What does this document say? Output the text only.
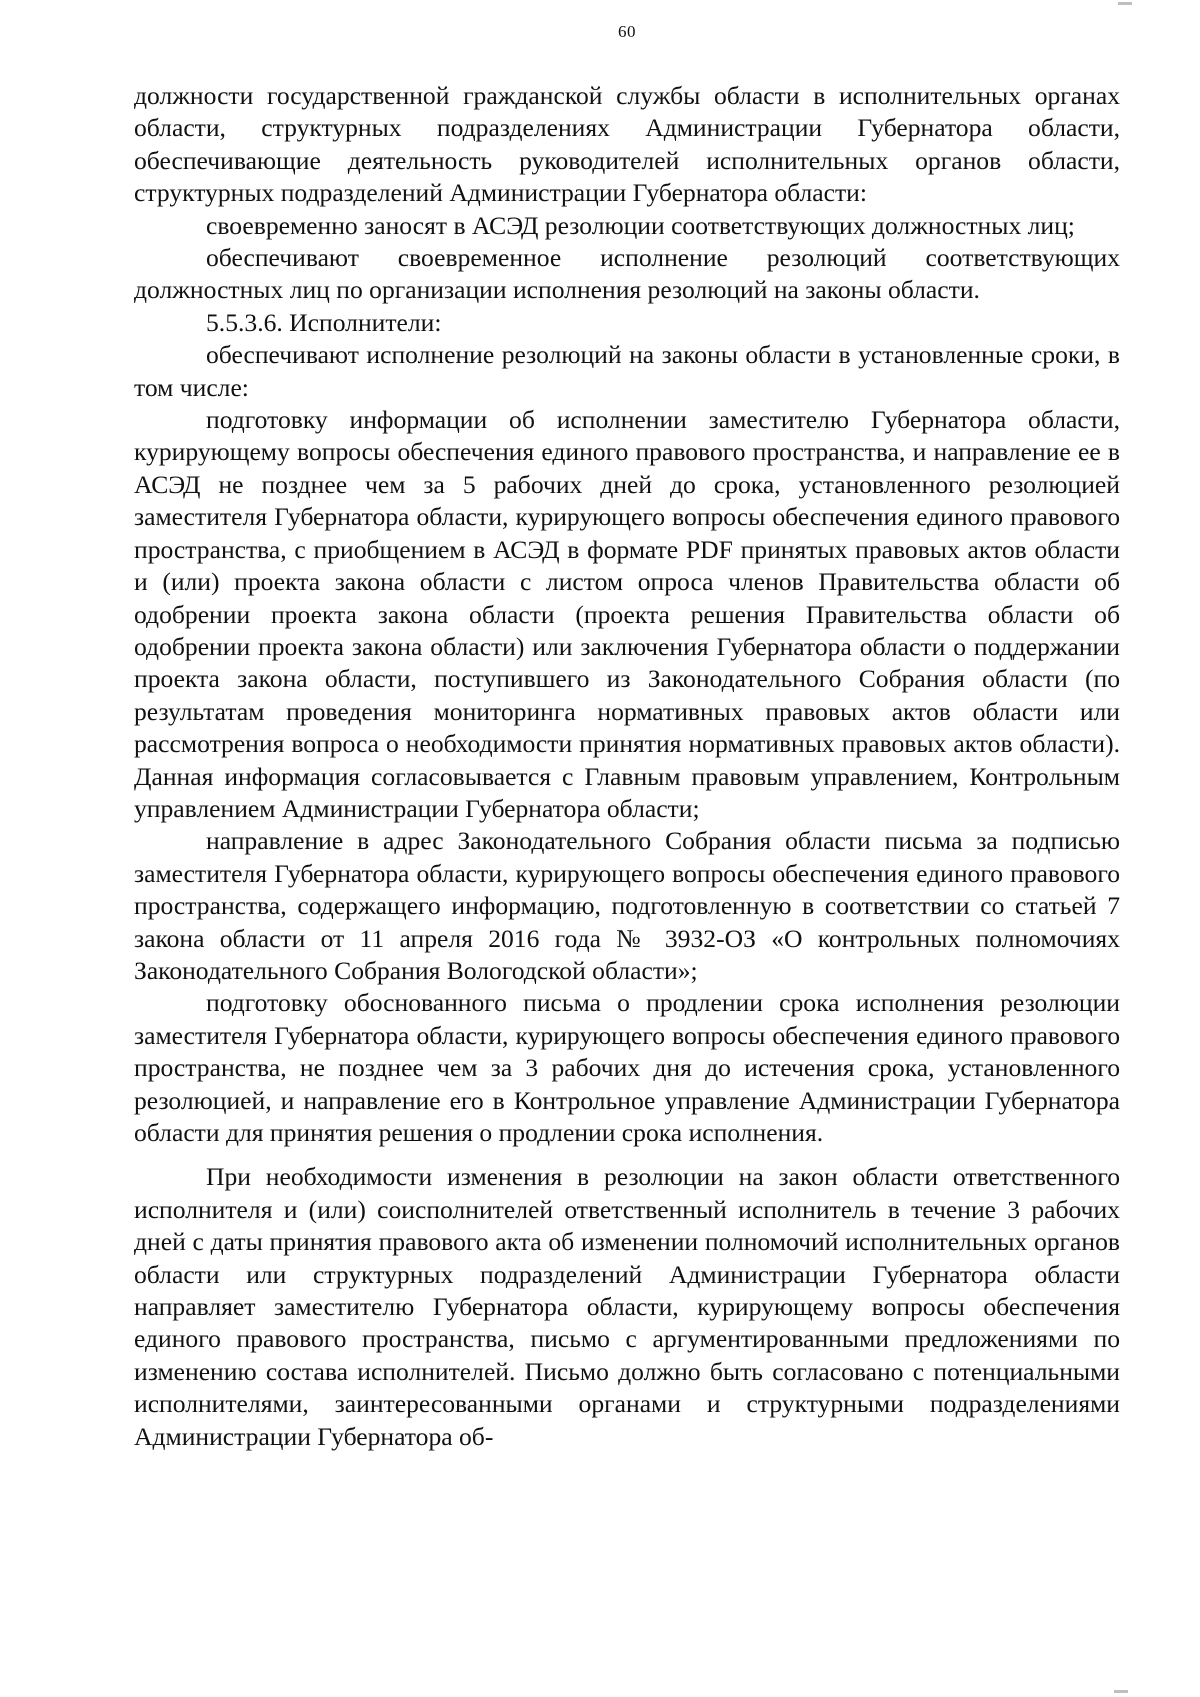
60

должности государственной гражданской службы области в исполнительных органах области, структурных подразделениях Администрации Губернатора области, обеспечивающие деятельность руководителей исполнительных органов области, структурных подразделений Администрации Губернатора области:

своевременно заносят в АСЭД резолюции соответствующих должностных лиц;

обеспечивают своевременное исполнение резолюций соответствующих должностных лиц по организации исполнения резолюций на законы области.

5.5.3.6. Исполнители:

обеспечивают исполнение резолюций на законы области в установленные сроки, в том числе:

подготовку информации об исполнении заместителю Губернатора области, курирующему вопросы обеспечения единого правового пространства, и направление ее в АСЭД не позднее чем за 5 рабочих дней до срока, установленного резолюцией заместителя Губернатора области, курирующего вопросы обеспечения единого правового пространства, с приобщением в АСЭД в формате PDF принятых правовых актов области и (или) проекта закона области с листом опроса членов Правительства области об одобрении проекта закона области (проекта решения Правительства области об одобрении проекта закона области) или заключения Губернатора области о поддержании проекта закона области, поступившего из Законодательного Собрания области (по результатам проведения мониторинга нормативных правовых актов области или рассмотрения вопроса о необходимости принятия нормативных правовых актов области). Данная информация согласовывается с Главным правовым управлением, Контрольным управлением Администрации Губернатора области;

направление в адрес Законодательного Собрания области письма за подписью заместителя Губернатора области, курирующего вопросы обеспечения единого правового пространства, содержащего информацию, подготовленную в соответствии со статьей 7 закона области от 11 апреля 2016 года № 3932-ОЗ «О контрольных полномочиях Законодательного Собрания Вологодской области»;

подготовку обоснованного письма о продлении срока исполнения резолюции заместителя Губернатора области, курирующего вопросы обеспечения единого правового пространства, не позднее чем за 3 рабочих дня до истечения срока, установленного резолюцией, и направление его в Контрольное управление Администрации Губернатора области для принятия решения о продлении срока исполнения.

При необходимости изменения в резолюции на закон области ответственного исполнителя и (или) соисполнителей ответственный исполнитель в течение 3 рабочих дней с даты принятия правового акта об изменении полномочий исполнительных органов области или структурных подразделений Администрации Губернатора области направляет заместителю Губернатора области, курирующему вопросы обеспечения единого правового пространства, письмо с аргументированными предложениями по изменению состава исполнителей. Письмо должно быть согласовано с потенциальными исполнителями, заинтересованными органами и структурными подразделениями Администрации Губернатора об-
